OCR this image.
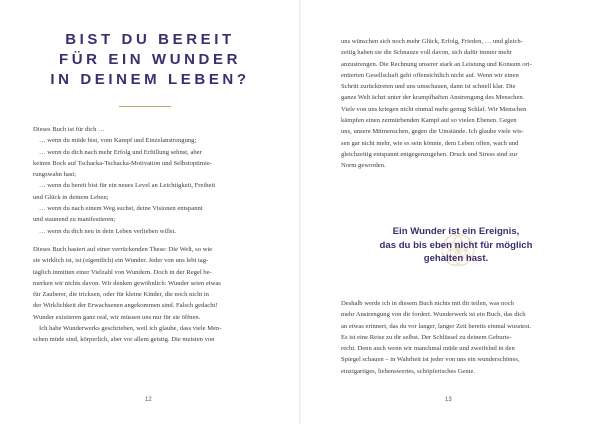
BIST DU BEREIT
FÜR EIN WUNDER
IN DEINEM LEBEN?
Dieses Buch ist für dich …
… wenn du müde bist, vom Kampf und Einzelanstrengung;
… wenn du dich nach mehr Erfolg und Erfüllung sehnst, aber
keinen Bock auf Tschacka-Tschacka-Motivation und Selbstoptimie-
rungswahn hast;
… wenn du bereit bist für ein neues Level an Leichtigkeit, Freiheit
und Glück in deinem Leben;
… wenn du nach einem Weg suchst, deine Visionen entspannt
und staunend zu manifestieren;
… wenn du dich neu in dein Leben verlieben willst.
Dieses Buch basiert auf einer verrückenden These: Die Welt, so wie
sie wirklich ist, ist (eigentlich) ein Wunder. Jeder von uns lebt tag-
täglich inmitten einer Vielzahl von Wundern. Doch in der Regel be-
merken wir nichts davon. Wir denken gewöhnlich: Wunder seien etwas
für Zauberer, die tricksen, oder für kleine Kinder, die noch nicht in
der Wirklichkeit der Erwachsenen angekommen sind. Falsch gedacht!
Wunder existieren ganz real, wir müssen uns nur für sie öffnen.
Ich habe Wunderwerks geschrieben, weil ich glaube, dass viele Men-
schen müde sind, körperlich, aber vor allem geistig. Die meisten von
12
uns wünschen sich noch mehr Glück, Erfolg, Frieden, … und gleich-
zeitig haben sie die Schnauze voll davon, sich dafür immer mehr
anzustrengen. Die Rechnung unserer stark an Leistung und Konsum ori-
entierten Gesellschaft geht offensichtlich nicht auf. Wenn wir einen
Schritt zurücktreten und uns umschauen, dann ist schnell klar. Die
ganze Welt ächzt unter der krampfhaften Anstrengung des Menschen.
Viele von uns kriegen nicht einmal mehr genug Schlaf. Wir Menschen
kämpfen einen zermürbenden Kampf auf so vielen Ebenen. Gegen
uns, unsere Mitmenschen, gegen die Umstände. Ich glaube viele wis-
sen gar nicht mehr, wie es sein könnte, dem Leben offen, wach und
gleichzeitig entspannt entgegenzugehen. Druck und Stress sind zur
Norm geworden.
Ein Wunder ist ein Ereignis,
das du bis eben nicht für möglich
gehalten hast.
Deshalb werde ich in diesem Buch nichts mit dir teilen, was noch
mehr Anstrengung von dir fordert. Wunderwerk ist ein Buch, das dich
an etwas erinnert, das du vor langer, langer Zeit bereits einmal wusstest.
Es ist eine Reise zu dir selbst. Der Schlüssel zu deinem Geburts-
recht. Denn auch wenn wir manchmal müde und zweifelnd in den
Spiegel schauen – in Wahrheit ist jeder von uns ein wunderschönes,
einzigartiges, liebenswertes, schöpferisches Genie.
13
